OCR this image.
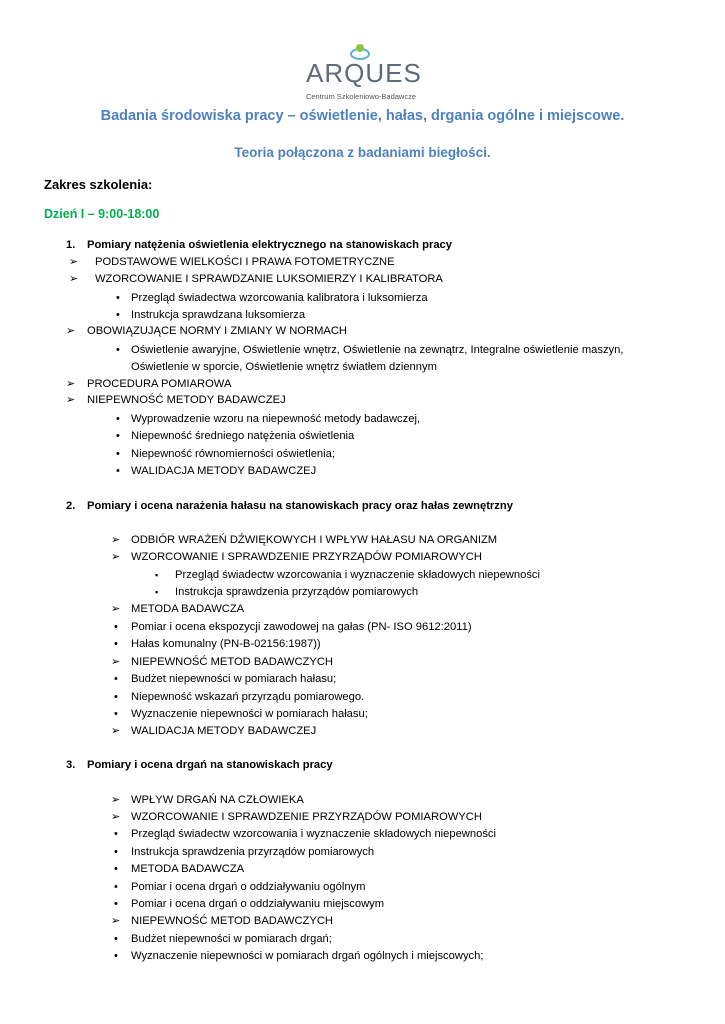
ARQUES
Centrum Szkoleniowo-Badawcze
Badania środowiska pracy – oświetlenie, hałas, drgania ogólne i miejscowe.
Teoria połączona z badaniami biegłości.
Zakres szkolenia:
Dzień I – 9:00-18:00
1. Pomiary natężenia oświetlenia elektrycznego na stanowiskach pracy
➢ PODSTAWOWE WIELKOŚCI I PRAWA FOTOMETRYCZNE
➢ WZORCOWANIE I SPRAWDZANIE LUKSOMIERZY I KALIBRATORA
• Przegląd świadectwa wzorcowania kalibratora i luksomierza
• Instrukcja sprawdzana luksomierza
➢ OBOWIĄZUJĄCE NORMY I ZMIANY W NORMACH
• Oświetlenie awaryjne, Oświetlenie wnętrz, Oświetlenie na zewnątrz, Integralne oświetlenie maszyn,
Oświetlenie w sporcie, Oświetlenie wnętrz światłem dziennym
➢ PROCEDURA POMIAROWA
➢ NIEPEWNOŚĆ METODY BADAWCZEJ
• Wyprowadzenie wzoru na niepewność metody badawczej,
• Niepewność średniego natężenia oświetlenia
• Niepewność równomierności oświetlenia;
• WALIDACJA METODY BADAWCZEJ
2. Pomiary i ocena narażenia hałasu na stanowiskach pracy oraz hałas zewnętrzny
➢ ODBIÓR WRAŻEŃ DŹWIĘKOWYCH I WPŁYW HAŁASU NA ORGANIZM
➢ WZORCOWANIE I SPRAWDZENIE PRZYRZĄDÓW POMIAROWYCH
▪ Przegląd świadectw wzorcowania i wyznaczenie składowych niepewności
▪ Instrukcja sprawdzenia przyrządów pomiarowych
➢ METODA BADAWCZA
• Pomiar i ocena ekspozycji zawodowej na gałas (PN- ISO 9612:2011)
• Hałas komunalny (PN-B-02156:1987))
➢ NIEPEWNOŚĆ METOD BADAWCZYCH
• Budżet niepewności w pomiarach hałasu;
• Niepewność wskazań przyrządu pomiarowego.
• Wyznaczenie niepewności w pomiarach hałasu;
➢ WALIDACJA METODY BADAWCZEJ
3. Pomiary i ocena drgań na stanowiskach pracy
➢ WPŁYW DRGAŃ NA CZŁOWIEKA
➢ WZORCOWANIE I SPRAWDZENIE PRZYRZĄDÓW POMIAROWYCH
• Przegląd świadectw wzorcowania i wyznaczenie składowych niepewności
• Instrukcja sprawdzenia przyrządów pomiarowych
• METODA BADAWCZA
• Pomiar i ocena drgań o oddziaływaniu ogólnym
• Pomiar i ocena drgań o oddziaływaniu miejscowym
➢ NIEPEWNOŚĆ METOD BADAWCZYCH
• Budżet niepewności w pomiarach drgań;
• Wyznaczenie niepewności w pomiarach drgań ogólnych i miejscowych;
